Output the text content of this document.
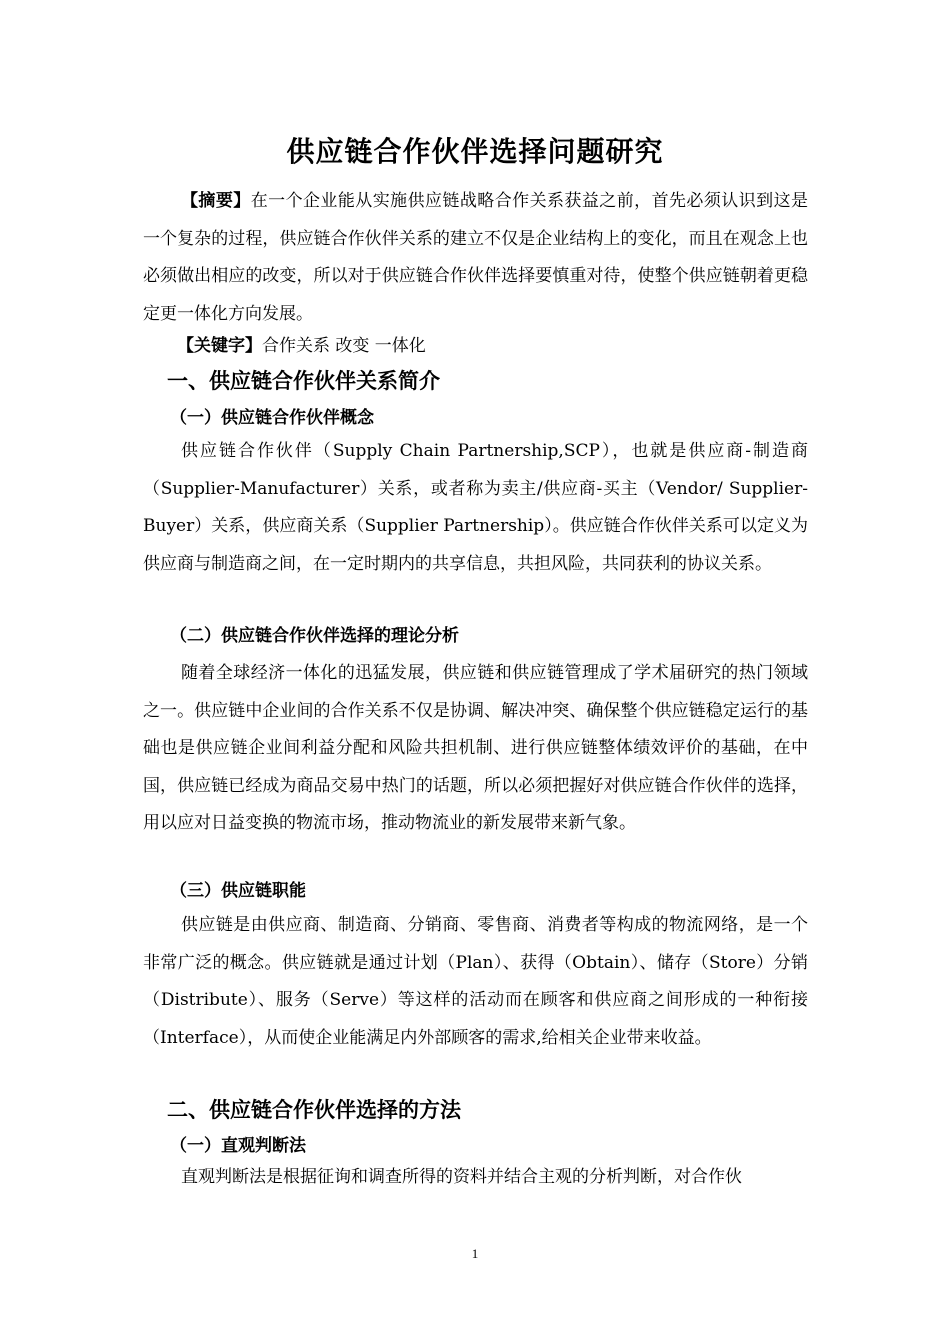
供应链合作伙伴选择问题研究
【摘要】在一个企业能从实施供应链战略合作关系获益之前，首先必须认识到这是一个复杂的过程，供应链合作伙伴关系的建立不仅是企业结构上的变化，而且在观念上也必须做出相应的改变，所以对于供应链合作伙伴选择要慎重对待，使整个供应链朝着更稳定更一体化方向发展。
【关键字】合作关系 改变 一体化
一、供应链合作伙伴关系简介
（一）供应链合作伙伴概念
供应链合作伙伴（Supply Chain Partnership,SCP），也就是供应商-制造商（Supplier-Manufacturer）关系，或者称为卖主/供应商-买主（Vendor/ Supplier-Buyer）关系，供应商关系（Supplier Partnership）。供应链合作伙伴关系可以定义为供应商与制造商之间，在一定时期内的共享信息，共担风险，共同获利的协议关系。
（二）供应链合作伙伴选择的理论分析
随着全球经济一体化的迅猛发展，供应链和供应链管理成了学术届研究的热门领域之一。供应链中企业间的合作关系不仅是协调、解决冲突、确保整个供应链稳定运行的基础也是供应链企业间利益分配和风险共担机制、进行供应链整体绩效评价的基础，在中国，供应链已经成为商品交易中热门的话题，所以必须把握好对供应链合作伙伴的选择，用以应对日益变换的物流市场，推动物流业的新发展带来新气象。
（三）供应链职能
供应链是由供应商、制造商、分销商、零售商、消费者等构成的物流网络，是一个非常广泛的概念。供应链就是通过计划（Plan）、获得（Obtain）、储存（Store）分销（Distribute）、服务（Serve）等这样的活动而在顾客和供应商之间形成的一种衔接（Interface），从而使企业能满足内外部顾客的需求,给相关企业带来收益。
二、供应链合作伙伴选择的方法
（一）直观判断法
直观判断法是根据征询和调查所得的资料并结合主观的分析判断，对合作伙
1
